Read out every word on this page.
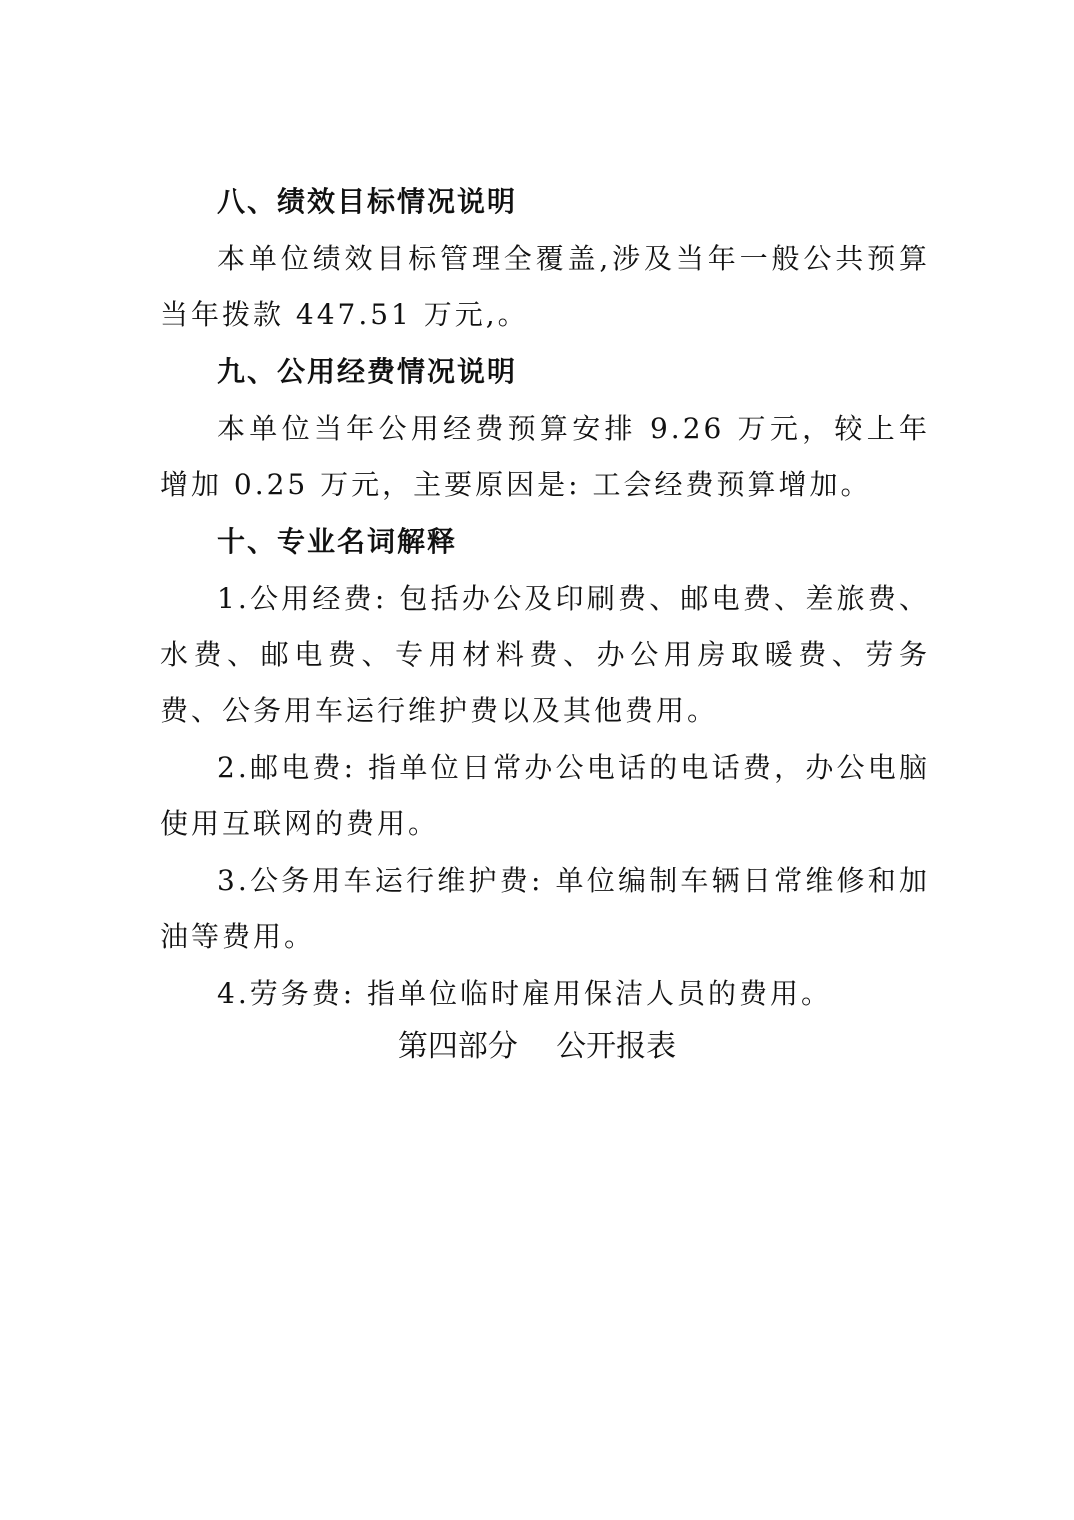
八、绩效目标情况说明

本单位绩效目标管理全覆盖,涉及当年一般公共预算当年拨款 447.51 万元,。

九、公用经费情况说明

本单位当年公用经费预算安排 9.26 万元，较上年增加 0.25 万元，主要原因是: 工会经费预算增加。

十、专业名词解释

1.公用经费: 包括办公及印刷费、邮电费、差旅费、水费、邮电费、专用材料费、办公用房取暖费、劳务费、公务用车运行维护费以及其他费用。

2.邮电费: 指单位日常办公电话的电话费，办公电脑使用互联网的费用。

3.公务用车运行维护费: 单位编制车辆日常维修和加油等费用。

4.劳务费: 指单位临时雇用保洁人员的费用。

第四部分    公开报表
